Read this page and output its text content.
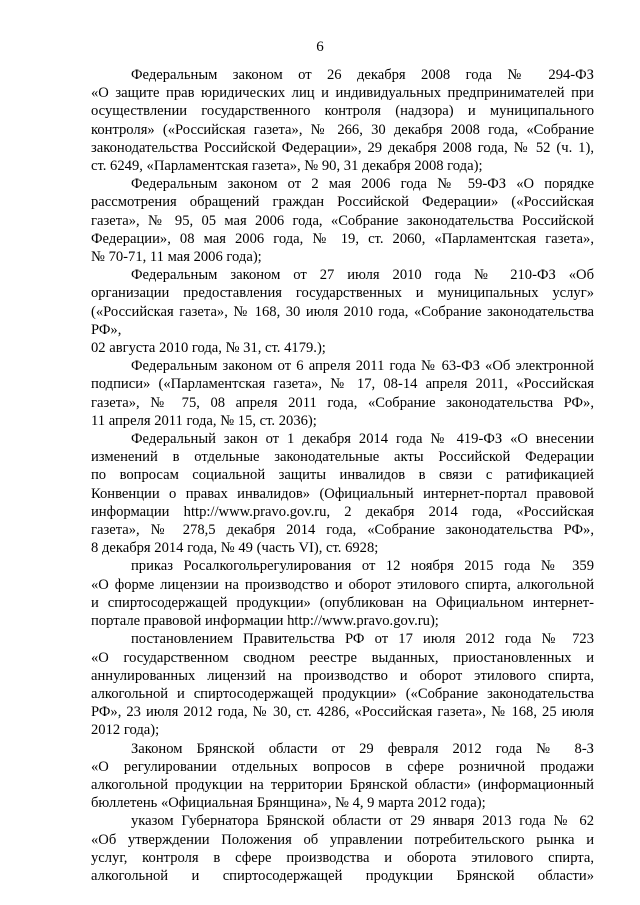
6
Федеральным законом от 26 декабря 2008 года № 294-ФЗ
«О защите прав юридических лиц и индивидуальных предпринимателей при
осуществлении государственного контроля (надзора) и муниципального
контроля» («Российская газета», № 266, 30 декабря 2008 года, «Собрание
законодательства Российской Федерации», 29 декабря 2008 года, № 52 (ч. 1),
ст. 6249, «Парламентская газета», № 90, 31 декабря 2008 года);
Федеральным законом от 2 мая 2006 года № 59-ФЗ «О порядке
рассмотрения обращений граждан Российской Федерации» («Российская
газета», № 95, 05 мая 2006 года, «Собрание законодательства Российской
Федерации», 08 мая 2006 года, № 19, ст. 2060, «Парламентская газета»,
№ 70-71, 11 мая 2006 года);
Федеральным законом от 27 июля 2010 года № 210-ФЗ «Об
организации предоставления государственных и муниципальных услуг»
(«Российская газета», № 168, 30 июля 2010 года, «Собрание законодательства
РФ»,
02 августа 2010 года, № 31, ст. 4179.);
Федеральным законом от 6 апреля 2011 года № 63-ФЗ «Об электронной
подписи» («Парламентская газета», № 17, 08-14 апреля 2011, «Российская
газета», № 75, 08 апреля 2011 года, «Собрание законодательства РФ»,
11 апреля 2011 года, № 15, ст. 2036);
Федеральный закон от 1 декабря 2014 года № 419-ФЗ «О внесении
изменений в отдельные законодательные акты Российской Федерации
по вопросам социальной защиты инвалидов в связи с ратификацией
Конвенции о правах инвалидов» (Официальный интернет-портал правовой
информации http://www.pravo.gov.ru, 2 декабря 2014 года, «Российская
газета», № 278,5 декабря 2014 года, «Собрание законодательства РФ»,
8 декабря 2014 года, № 49 (часть VI), ст. 6928;
приказ Росалкогольрегулирования от 12 ноября 2015 года № 359
«О форме лицензии на производство и оборот этилового спирта, алкогольной
и спиртосодержащей продукции» (опубликован на Официальном интернет-
портале правовой информации http://www.pravo.gov.ru);
постановлением Правительства РФ от 17 июля 2012 года № 723
«О государственном сводном реестре выданных, приостановленных и
аннулированных лицензий на производство и оборот этилового спирта,
алкогольной и спиртосодержащей продукции» («Собрание законодательства
РФ», 23 июля 2012 года, № 30, ст. 4286, «Российская газета», № 168, 25 июля
2012 года);
Законом Брянской области от 29 февраля 2012 года № 8-З
«О регулировании отдельных вопросов в сфере розничной продажи
алкогольной продукции на территории Брянской области» (информационный
бюллетень «Официальная Брянщина», № 4, 9 марта 2012 года);
указом Губернатора Брянской области от 29 января 2013 года № 62
«Об утверждении Положения об управлении потребительского рынка и
услуг, контроля в сфере производства и оборота этилового спирта,
алкогольной и спиртосодержащей продукции Брянской области»
